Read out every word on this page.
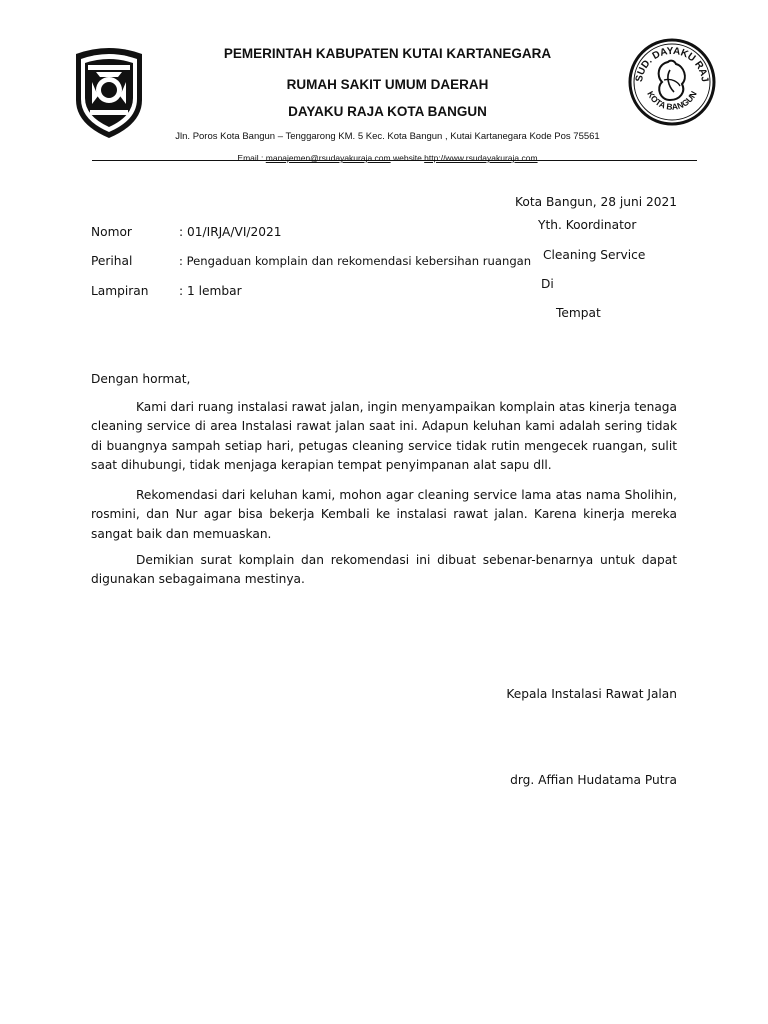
SUD. DAYAKU RAJ
KOTA BANGUN
PEMERINTAH KABUPATEN KUTAI KARTANEGARA
RUMAH SAKIT UMUM DAERAH
DAYAKU RAJA KOTA BANGUN
Jln. Poros Kota Bangun – Tenggarong KM. 5 Kec. Kota Bangun , Kutai Kartanegara Kode Pos 75561
Email : manajemen@rsudayakuraja.com website http://www.rsudayakuraja.com
Kota Bangun, 28 juni 2021
Nomor	: 01/IRJA/VI/2021
Perihal	: Pengaduan komplain dan rekomendasi kebersihan ruangan
Lampiran	: 1 lembar
Yth. Koordinator
Cleaning Service
Di
Tempat
Dengan hormat,
Kami dari ruang instalasi rawat jalan, ingin menyampaikan komplain atas kinerja tenaga cleaning service di area Instalasi rawat jalan saat ini. Adapun keluhan kami adalah sering tidak di buangnya sampah setiap hari, petugas cleaning service tidak rutin mengecek ruangan, sulit saat dihubungi, tidak menjaga kerapian tempat penyimpanan alat sapu dll.
Rekomendasi dari keluhan kami, mohon agar cleaning service lama atas nama Sholihin, rosmini, dan Nur agar bisa bekerja Kembali ke instalasi rawat jalan. Karena kinerja mereka sangat baik dan memuaskan.
Demikian surat komplain dan rekomendasi ini dibuat sebenar-benarnya untuk dapat digunakan sebagaimana mestinya.
Kepala Instalasi Rawat Jalan
drg. Affian Hudatama Putra
